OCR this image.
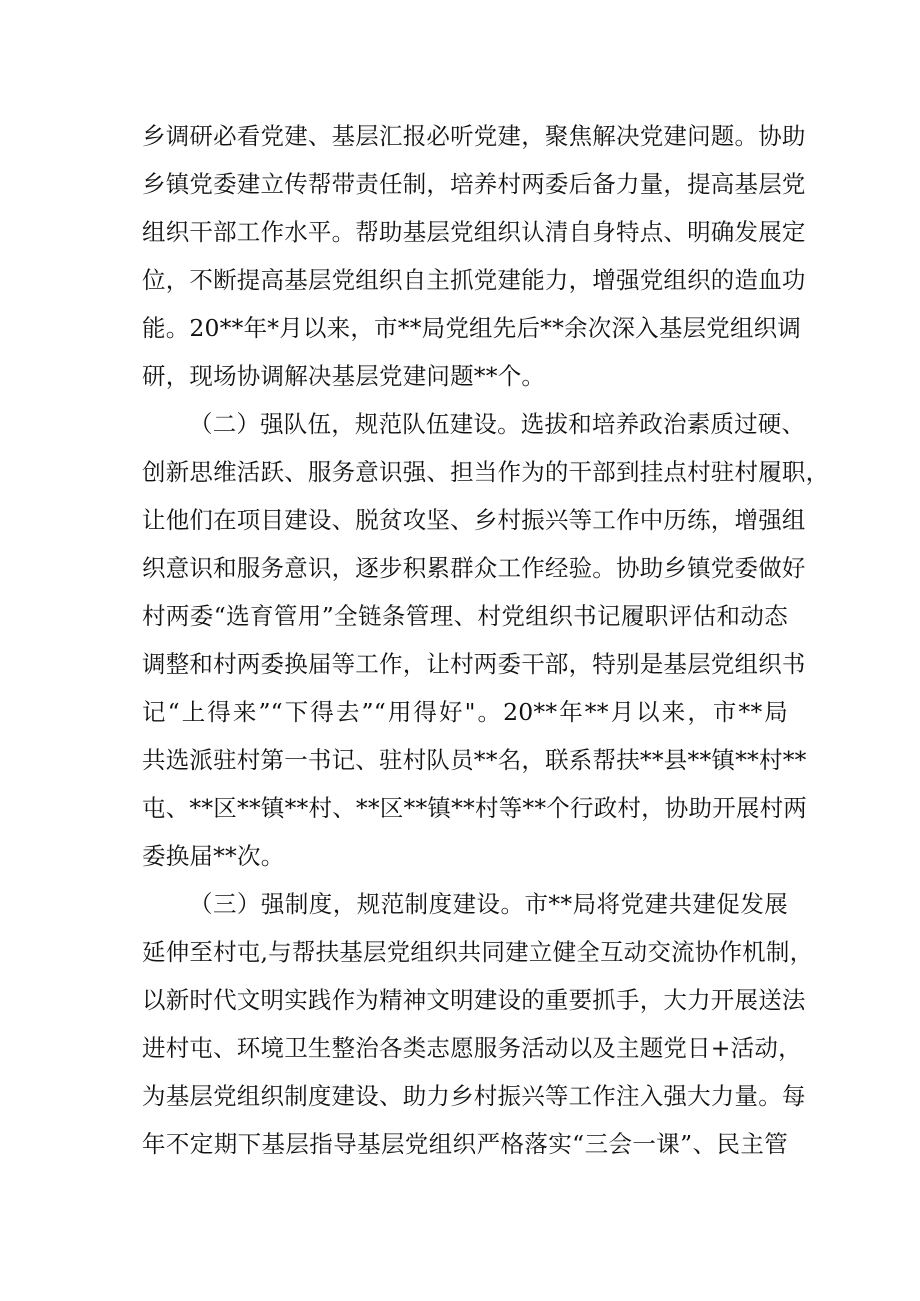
乡调研必看党建、基层汇报必听党建，聚焦解决党建问题。协助
乡镇党委建立传帮带责任制，培养村两委后备力量，提高基层党
组织干部工作水平。帮助基层党组织认清自身特点、明确发展定
位，不断提高基层党组织自主抓党建能力，增强党组织的造血功
能。20**年*月以来，市**局党组先后**余次深入基层党组织调
研，现场协调解决基层党建问题**个。
（二）强队伍，规范队伍建设。选拔和培养政治素质过硬、
创新思维活跃、服务意识强、担当作为的干部到挂点村驻村履职，
让他们在项目建设、脱贫攻坚、乡村振兴等工作中历练，增强组
织意识和服务意识，逐步积累群众工作经验。协助乡镇党委做好
村两委“选育管用”全链条管理、村党组织书记履职评估和动态
调整和村两委换届等工作，让村两委干部，特别是基层党组织书
记“上得来”“下得去”“用得好"。20**年**月以来，市**局
共选派驻村第一书记、驻村队员**名，联系帮扶**县**镇**村**
屯、**区**镇**村、**区**镇**村等**个行政村，协助开展村两
委换届**次。
（三）强制度，规范制度建设。市**局将党建共建促发展
延伸至村屯,与帮扶基层党组织共同建立健全互动交流协作机制，
以新时代文明实践作为精神文明建设的重要抓手，大力开展送法
进村屯、环境卫生整治各类志愿服务活动以及主题党日+活动，
为基层党组织制度建设、助力乡村振兴等工作注入强大力量。每
年不定期下基层指导基层党组织严格落实“三会一课”、民主管
